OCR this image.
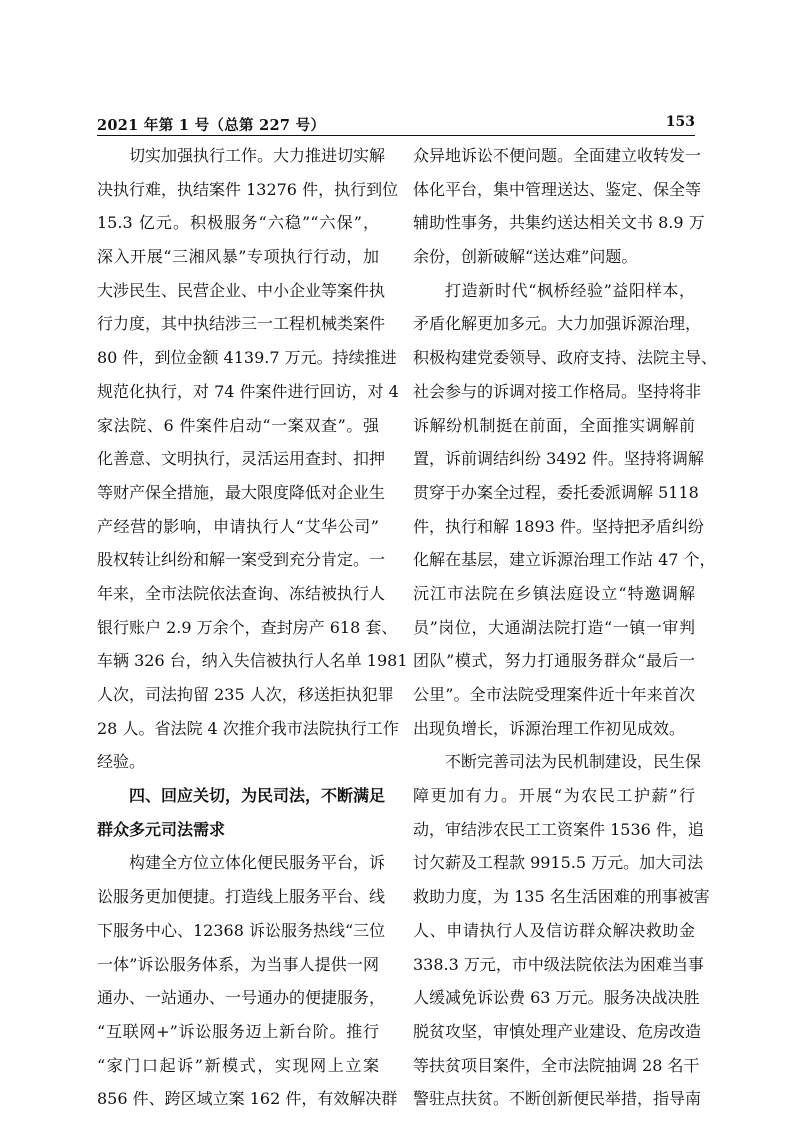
2021 年第 1 号（总第 227 号）	153
切实加强执行工作。大力推进切实解
决执行难，执结案件 13276 件，执行到位
15.3 亿元。积极服务“六稳”“六保”，
深入开展“三湘风暴”专项执行行动，加
大涉民生、民营企业、中小企业等案件执
行力度，其中执结涉三一工程机械类案件
80 件，到位金额 4139.7 万元。持续推进
规范化执行，对 74 件案件进行回访，对 4
家法院、6 件案件启动“一案双查”。强
化善意、文明执行，灵活运用查封、扣押
等财产保全措施，最大限度降低对企业生
产经营的影响，申请执行人“艾华公司”
股权转让纠纷和解一案受到充分肯定。一
年来，全市法院依法查询、冻结被执行人
银行账户 2.9 万余个，查封房产 618 套、
车辆 326 台，纳入失信被执行人名单 1981
人次，司法拘留 235 人次，移送拒执犯罪
28 人。省法院 4 次推介我市法院执行工作
经验。
四、回应关切，为民司法，不断满足
群众多元司法需求
构建全方位立体化便民服务平台，诉
讼服务更加便捷。打造线上服务平台、线
下服务中心、12368 诉讼服务热线“三位
一体”诉讼服务体系，为当事人提供一网
通办、一站通办、一号通办的便捷服务，
“互联网+”诉讼服务迈上新台阶。推行
“家门口起诉”新模式，实现网上立案
856 件、跨区域立案 162 件，有效解决群
众异地诉讼不便问题。全面建立收转发一
体化平台，集中管理送达、鉴定、保全等
辅助性事务，共集约送达相关文书 8.9 万
余份，创新破解“送达难”问题。
打造新时代“枫桥经验”益阳样本，
矛盾化解更加多元。大力加强诉源治理，
积极构建党委领导、政府支持、法院主导、
社会参与的诉调对接工作格局。坚持将非
诉解纷机制挺在前面，全面推实调解前
置，诉前调结纠纷 3492 件。坚持将调解
贯穿于办案全过程，委托委派调解 5118
件，执行和解 1893 件。坚持把矛盾纠纷
化解在基层，建立诉源治理工作站 47 个，
沅江市法院在乡镇法庭设立“特邀调解
员”岗位，大通湖法院打造“一镇一审判
团队”模式，努力打通服务群众“最后一
公里”。全市法院受理案件近十年来首次
出现负增长，诉源治理工作初见成效。
不断完善司法为民机制建设，民生保
障更加有力。开展“为农民工护薪”行
动，审结涉农民工工资案件 1536 件，追
讨欠薪及工程款 9915.5 万元。加大司法
救助力度，为 135 名生活困难的刑事被害
人、申请执行人及信访群众解决救助金
338.3 万元，市中级法院依法为困难当事
人缓减免诉讼费 63 万元。服务决战决胜
脱贫攻坚，审慎处理产业建设、危房改造
等扶贫项目案件，全市法院抽调 28 名干
警驻点扶贫。不断创新便民举措，指导南
